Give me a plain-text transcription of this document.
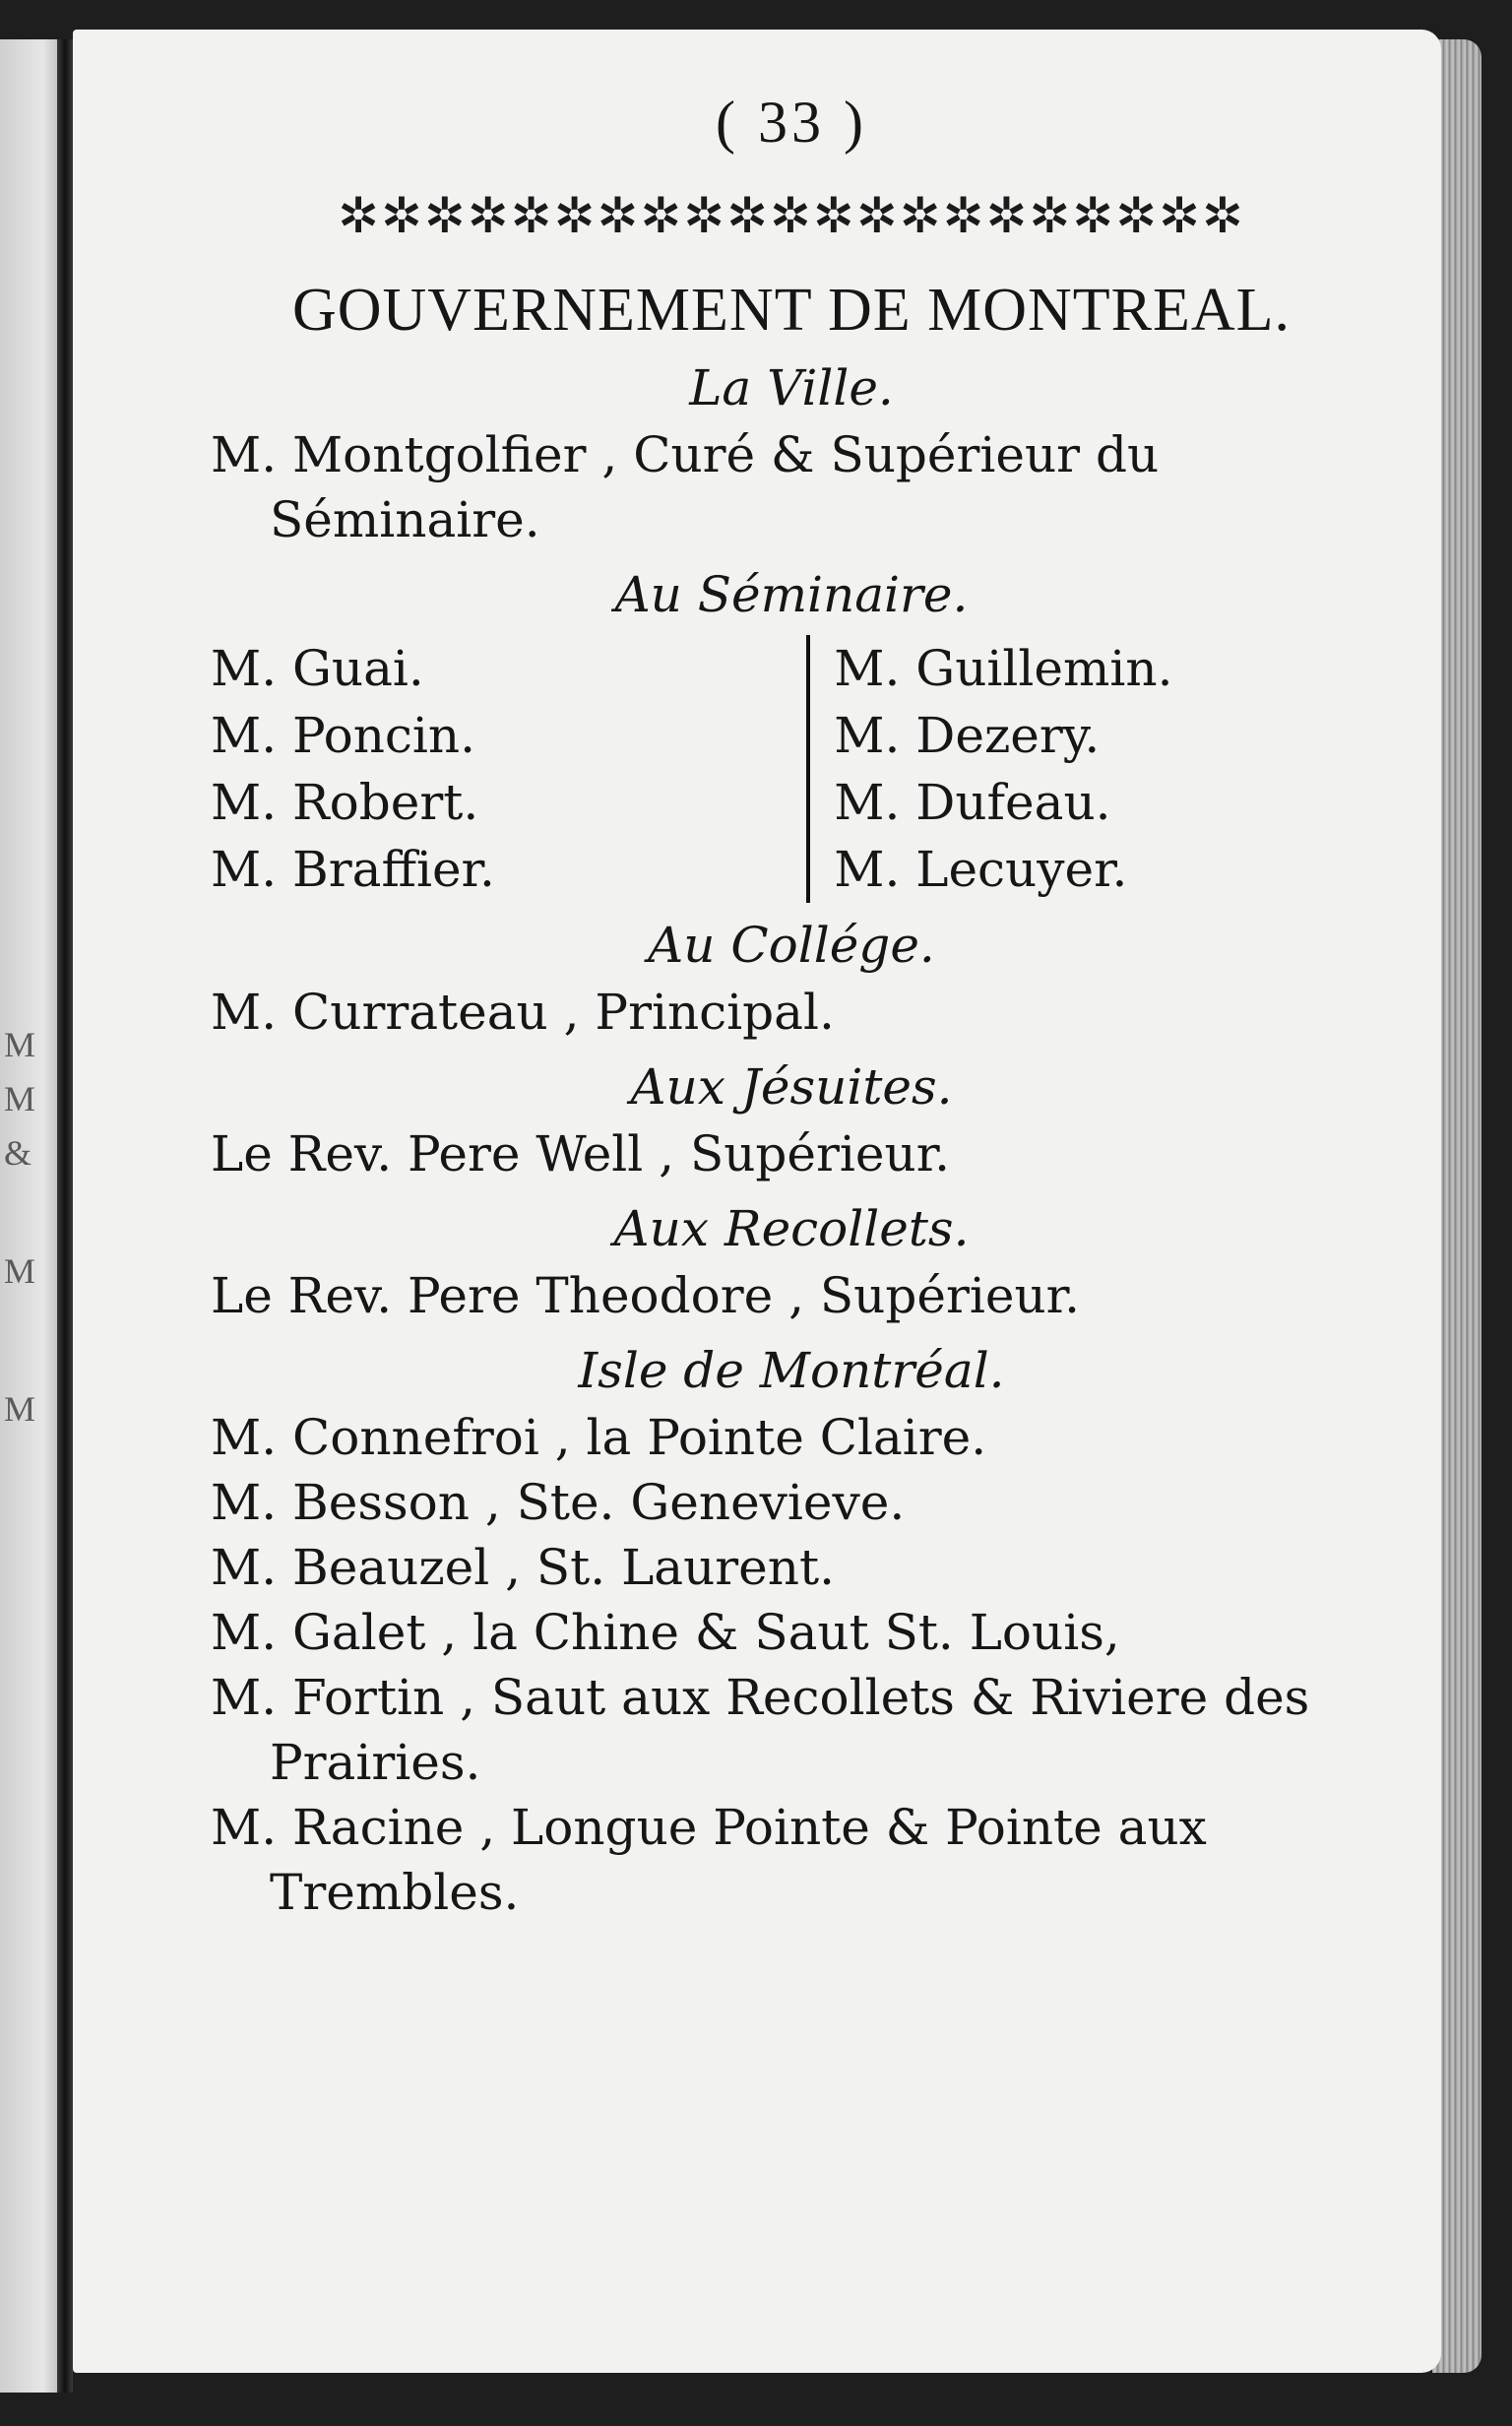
M
M
&
M
M
( 33 )
✲✲✲✲✲✲✲✲✲✲✲✲✲✲✲✲✲✲✲✲✲
GOUVERNEMENT DE MONTREAL.
La Ville.
M. Montgolfier , Curé & Supérieur du Séminaire.
Au Séminaire.
M. Guai.
M. Poncin.
M. Robert.
M. Braffier.
M. Guillemin.
M. Dezery.
M. Dufeau.
M. Lecuyer.
Au Collége.
M. Currateau , Principal.
Aux Jésuites.
Le Rev. Pere Well , Supérieur.
Aux Recollets.
Le Rev. Pere Theodore , Supérieur.
Isle de Montréal.
M. Connefroi , la Pointe Claire.
M. Besson , Ste. Genevieve.
M. Beauzel , St. Laurent.
M. Galet , la Chine & Saut St. Louis,
M. Fortin , Saut aux Recollets & Riviere des Prairies.
M. Racine , Longue Pointe & Pointe aux Trembles.
